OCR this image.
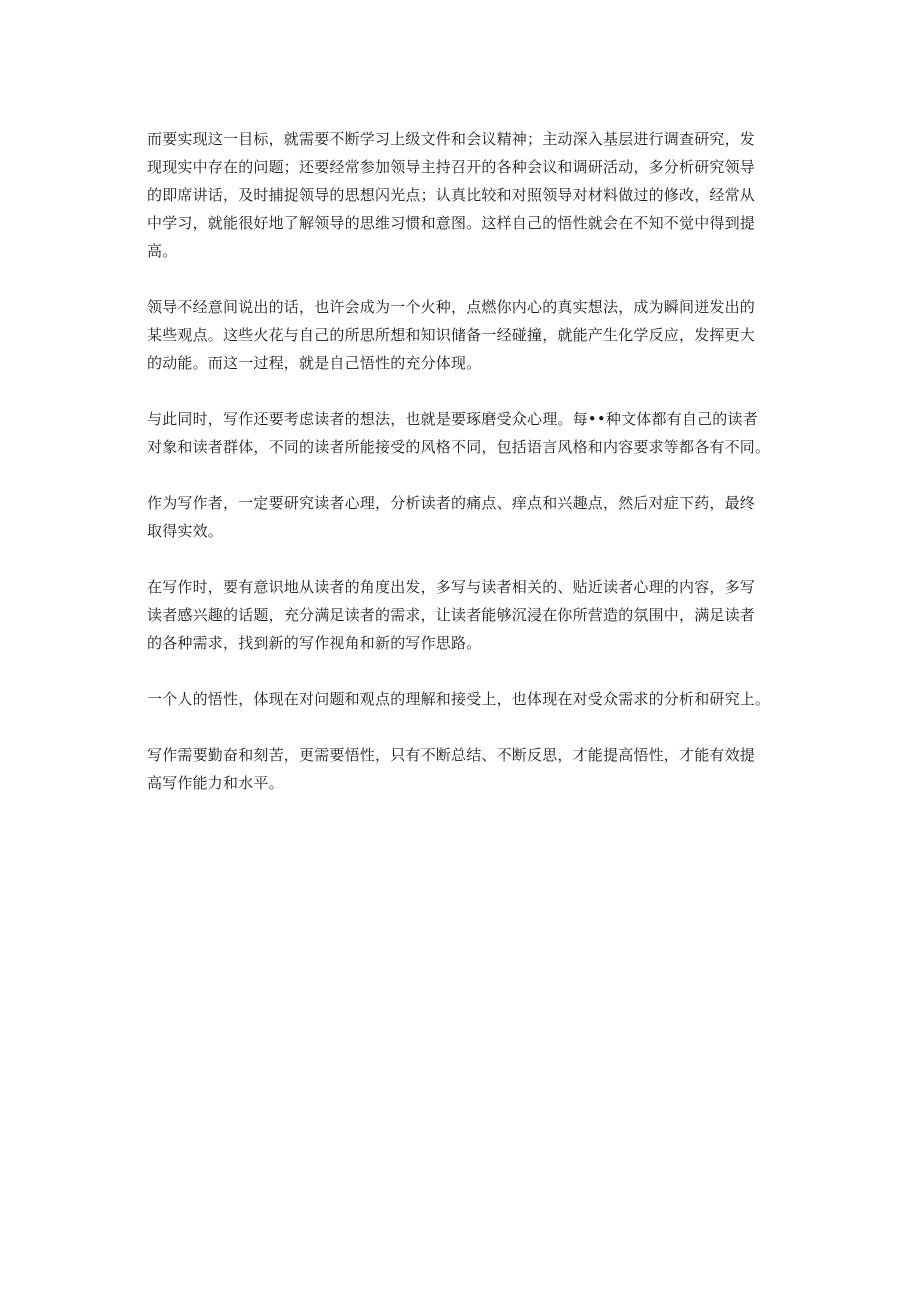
而要实现这一目标，就需要不断学习上级文件和会议精神；主动深入基层进行调查研究，发
现现实中存在的问题；还要经常参加领导主持召开的各种会议和调研活动，多分析研究领导
的即席讲话，及时捕捉领导的思想闪光点；认真比较和对照领导对材料做过的修改，经常从
中学习，就能很好地了解领导的思维习惯和意图。这样自己的悟性就会在不知不觉中得到提
高。

领导不经意间说出的话，也许会成为一个火种，点燃你内心的真实想法，成为瞬间迸发出的
某些观点。这些火花与自己的所思所想和知识储备一经碰撞，就能产生化学反应，发挥更大
的动能。而这一过程，就是自己悟性的充分体现。

与此同时，写作还要考虑读者的想法，也就是要琢磨受众心理。每••种文体都有自己的读者
对象和读者群体，不同的读者所能接受的风格不同，包括语言风格和内容要求等都各有不同。

作为写作者，一定要研究读者心理，分析读者的痛点、痒点和兴趣点，然后对症下药，最终
取得实效。

在写作时，要有意识地从读者的角度出发，多写与读者相关的、贴近读者心理的内容，多写
读者感兴趣的话题，充分满足读者的需求，让读者能够沉浸在你所营造的氛围中，满足读者
的各种需求，找到新的写作视角和新的写作思路。

一个人的悟性，体现在对问题和观点的理解和接受上，也体现在对受众需求的分析和研究上。

写作需要勤奋和刻苦，更需要悟性，只有不断总结、不断反思，才能提高悟性，才能有效提
高写作能力和水平。
